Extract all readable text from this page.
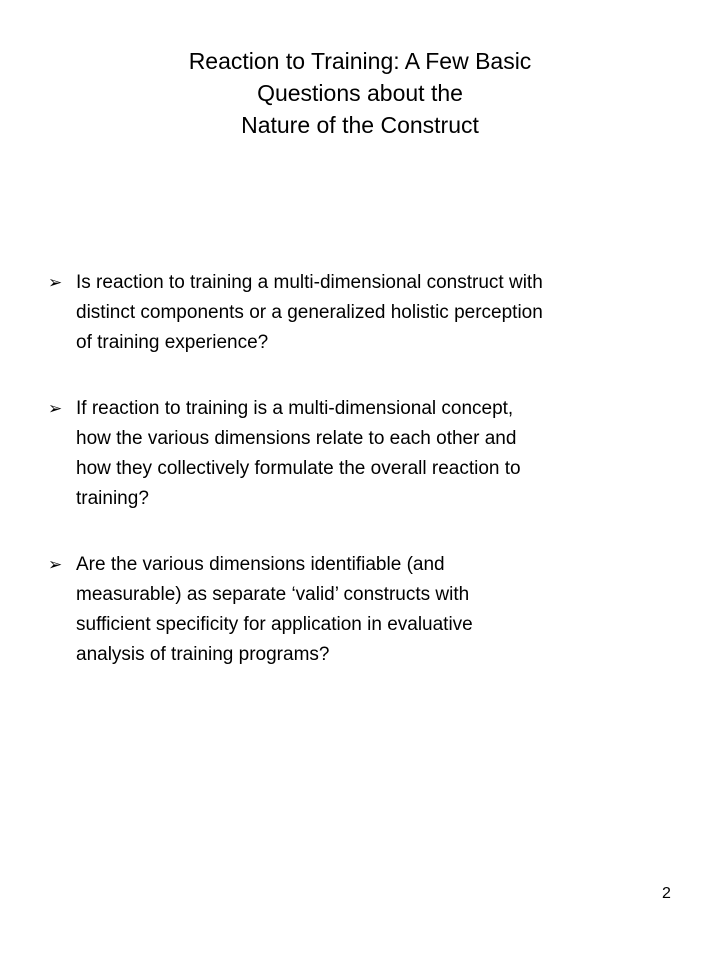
Reaction to Training: A Few Basic
Questions about the
Nature of the Construct
➢ Is reaction to training a multi-dimensional construct with
distinct components or a generalized holistic perception
of training experience?
➢ If reaction to training is a multi-dimensional concept,
how the various dimensions relate to each other and
how they collectively formulate the overall reaction to
training?
➢ Are the various dimensions identifiable (and
measurable) as separate ‘valid’ constructs with
sufficient specificity for application in evaluative
analysis of training programs?
2
